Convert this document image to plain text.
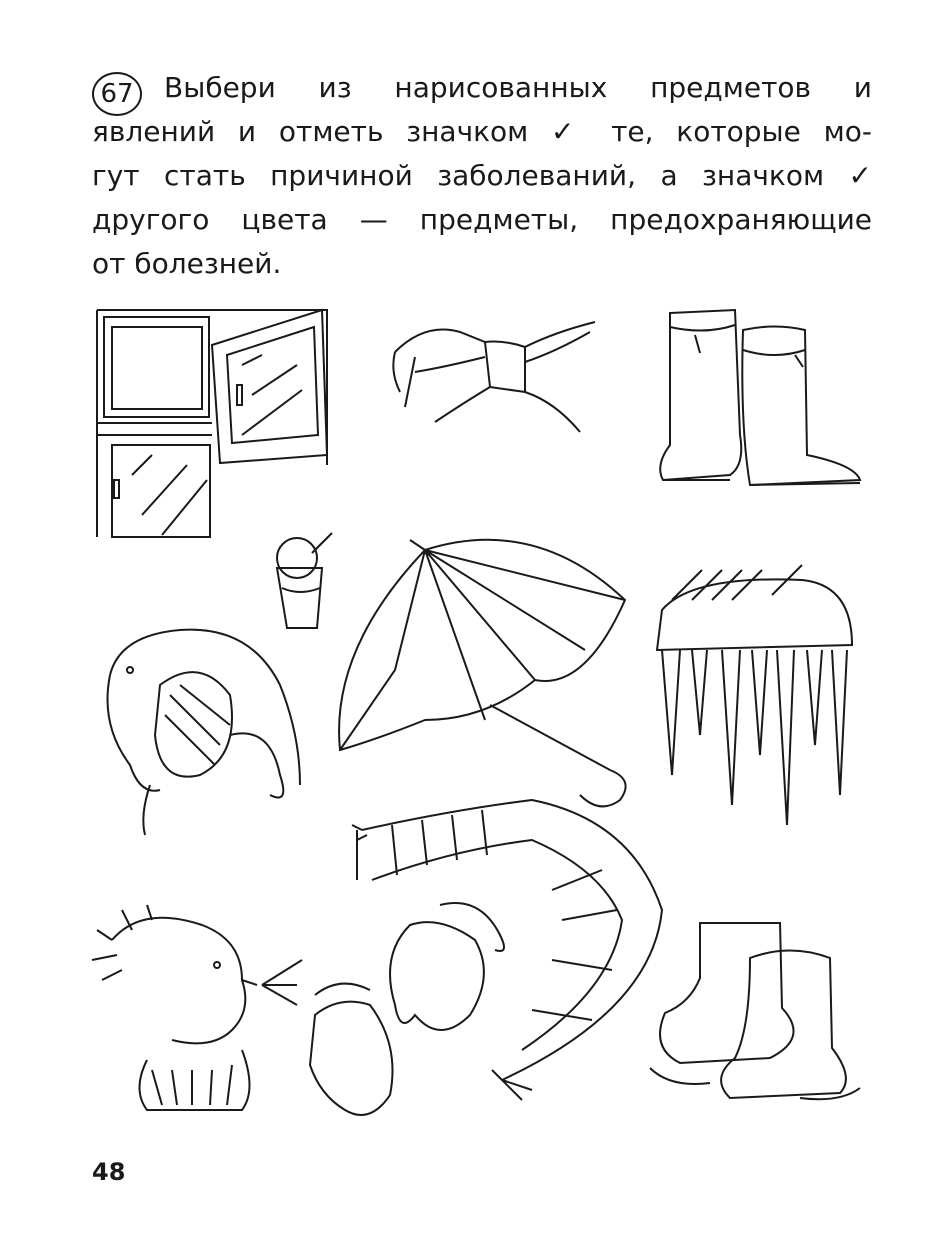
67 Выбери из нарисованных предметов и
явлений и отметь значком ✓ те, которые мо-
гут стать причиной заболеваний, а значком ✓
другого цвета — предметы, предохраняющие
от болезней.
48
